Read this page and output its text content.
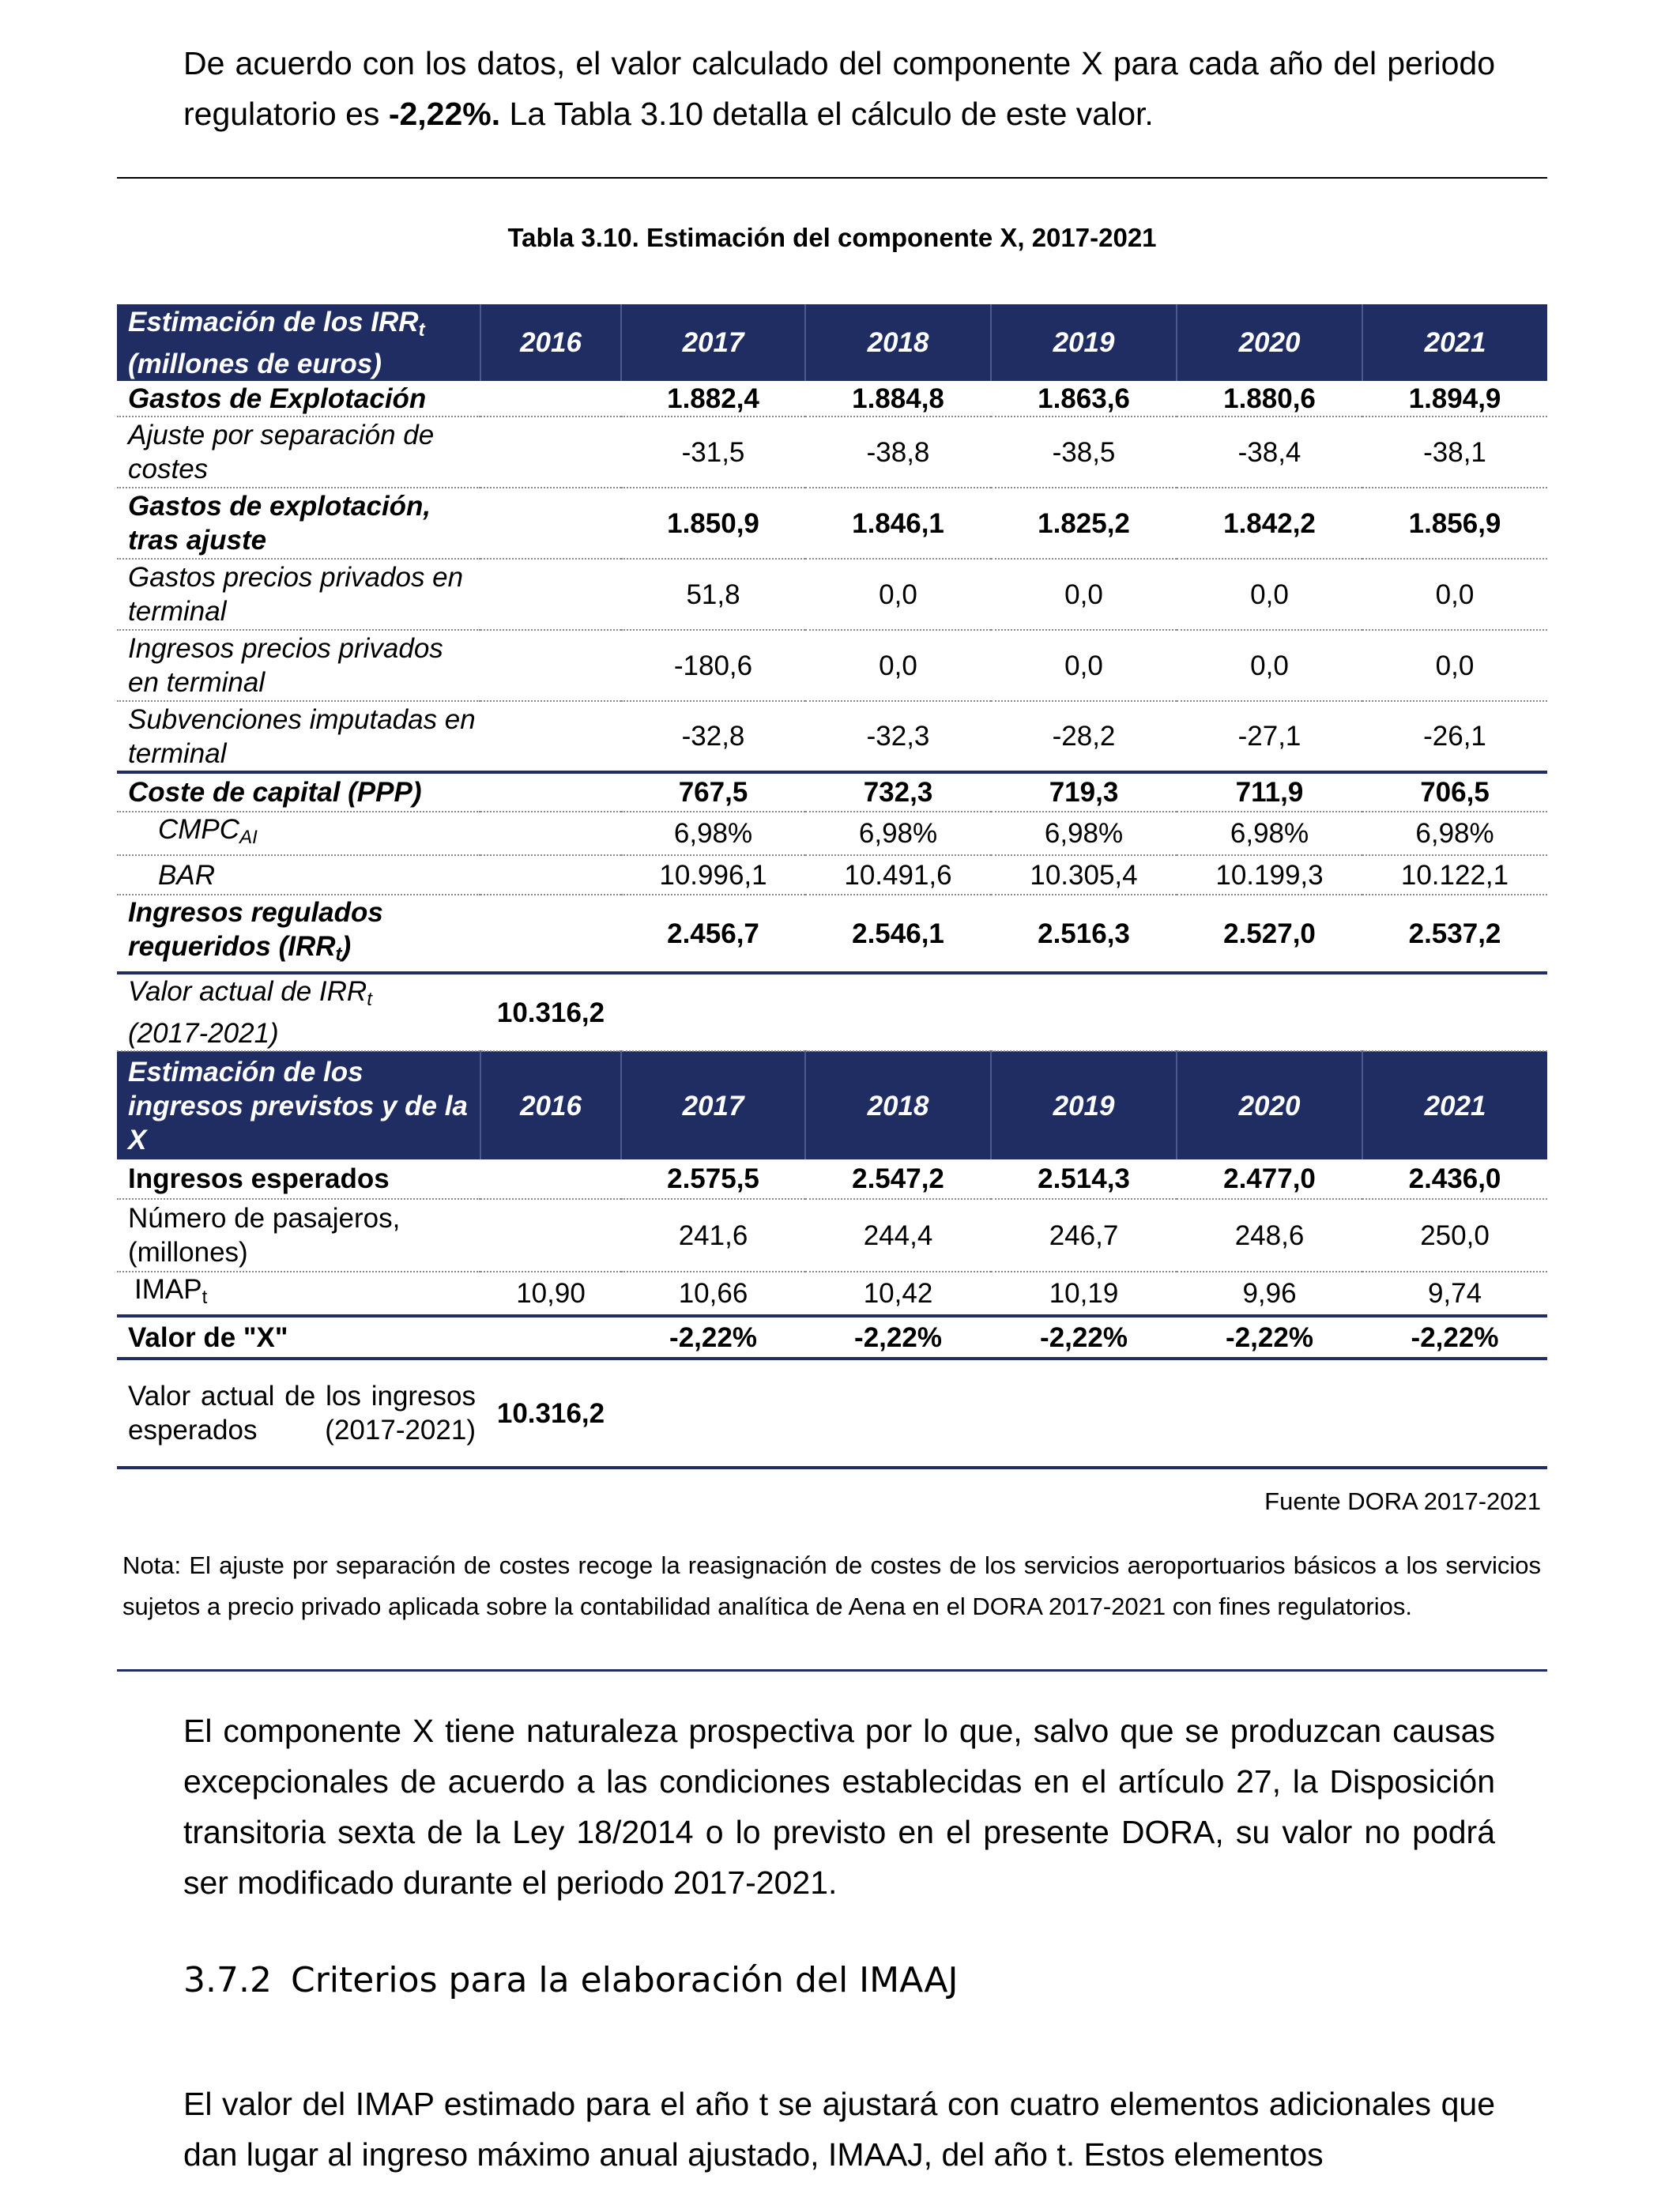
De acuerdo con los datos, el valor calculado del componente X para cada año del periodo regulatorio es -2,22%. La Tabla 3.10 detalla el cálculo de este valor.
Tabla 3.10. Estimación del componente X, 2017-2021
Estimación de los $IRR_t$
(millones de euros)	2016	2017	2018	2019	2020	2021
Gastos de Explotación		1.882,4	1.884,8	1.863,6	1.880,6	1.894,9
Ajuste por separación de costes		-31,5	-38,8	-38,5	-38,4	-38,1
Gastos de explotación, tras ajuste		1.850,9	1.846,1	1.825,2	1.842,2	1.856,9
Gastos precios privados en terminal		51,8	0,0	0,0	0,0	0,0
Ingresos precios privados en terminal		-180,6	0,0	0,0	0,0	0,0
Subvenciones imputadas en terminal		-32,8	-32,3	-28,2	-27,1	-26,1
Coste de capital (PPP)		767,5	732,3	719,3	711,9	706,5
$CMPC_{AI}$		6,98%	6,98%	6,98%	6,98%	6,98%
BAR		10.996,1	10.491,6	10.305,4	10.199,3	10.122,1
Ingresos regulados requeridos $(IRR_t)$		2.456,7	2.546,1	2.516,3	2.527,0	2.537,2
Valor actual de $IRR_t$
(2017-2021)	10.316,2					
Estimación de los ingresos previstos y de la X	2016	2017	2018	2019	2020	2021
Ingresos esperados		2.575,5	2.547,2	2.514,3	2.477,0	2.436,0
Número de pasajeros, (millones)		241,6	244,4	246,7	248,6	250,0
$IMAP_t$	10,90	10,66	10,42	10,19	9,96	9,74
Valor de "X"		-2,22%	-2,22%	-2,22%	-2,22%	-2,22%
Valor actual de los ingresos esperados (2017-2021)	10.316,2					
Fuente DORA 2017-2021
Nota: El ajuste por separación de costes recoge la reasignación de costes de los servicios aeroportuarios básicos a los servicios sujetos a precio privado aplicada sobre la contabilidad analítica de Aena en el DORA 2017-2021 con fines regulatorios.
El componente X tiene naturaleza prospectiva por lo que, salvo que se produzcan causas excepcionales de acuerdo a las condiciones establecidas en el artículo 27, la Disposición transitoria sexta de la Ley 18/2014 o lo previsto en el presente DORA, su valor no podrá ser modificado durante el periodo 2017-2021.
3.7.2 Criterios para la elaboración del IMAAJ
El valor del IMAP estimado para el año t se ajustará con cuatro elementos adicionales que dan lugar al ingreso máximo anual ajustado, IMAAJ, del año t. Estos elementos
